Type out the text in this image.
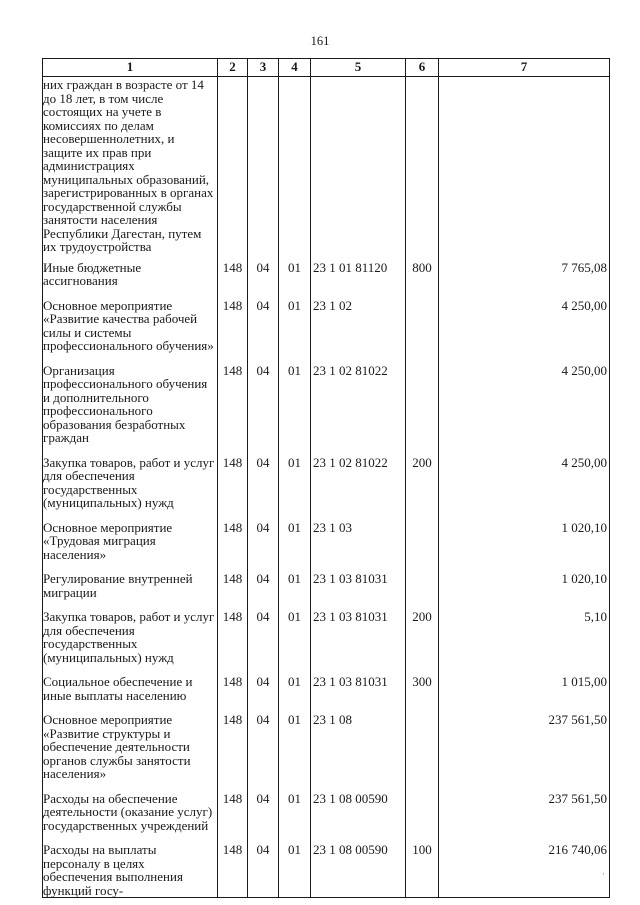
161
1	2	3	4	5	6	7
них граждан в возрасте от 14 до 18 лет, в том числе состоящих на учете в комиссиях по делам несовершеннолетних, и защите их прав при администрациях муниципальных образований, зарегистрированных в органах государственной службы занятости населения Республики Дагестан, путем их трудоустройства						
Иные бюджетные ассигнования	148	04	01	23 1 01 81120	800	7 765,08
Основное мероприятие «Развитие качества рабочей силы и системы профессионального обучения»	148	04	01	23 1 02		4 250,00
Организация профессионального обучения и дополнительного профессионального образования безработных граждан	148	04	01	23 1 02 81022		4 250,00
Закупка товаров, работ и услуг для обеспечения государственных (муниципальных) нужд	148	04	01	23 1 02 81022	200	4 250,00
Основное мероприятие «Трудовая миграция населения»	148	04	01	23 1 03		1 020,10
Регулирование внутренней миграции	148	04	01	23 1 03 81031		1 020,10
Закупка товаров, работ и услуг для обеспечения государственных (муниципальных) нужд	148	04	01	23 1 03 81031	200	5,10
Социальное обеспечение и иные выплаты населению	148	04	01	23 1 03 81031	300	1 015,00
Основное мероприятие «Развитие структуры и обеспечение деятельности органов службы занятости населения»	148	04	01	23 1 08		237 561,50
Расходы на обеспечение деятельности (оказание услуг) государственных учреждений	148	04	01	23 1 08 00590		237 561,50
Расходы на выплаты персоналу в целях обеспечения выполнения функций госу-	148	04	01	23 1 08 00590	100	216 740,06
·
